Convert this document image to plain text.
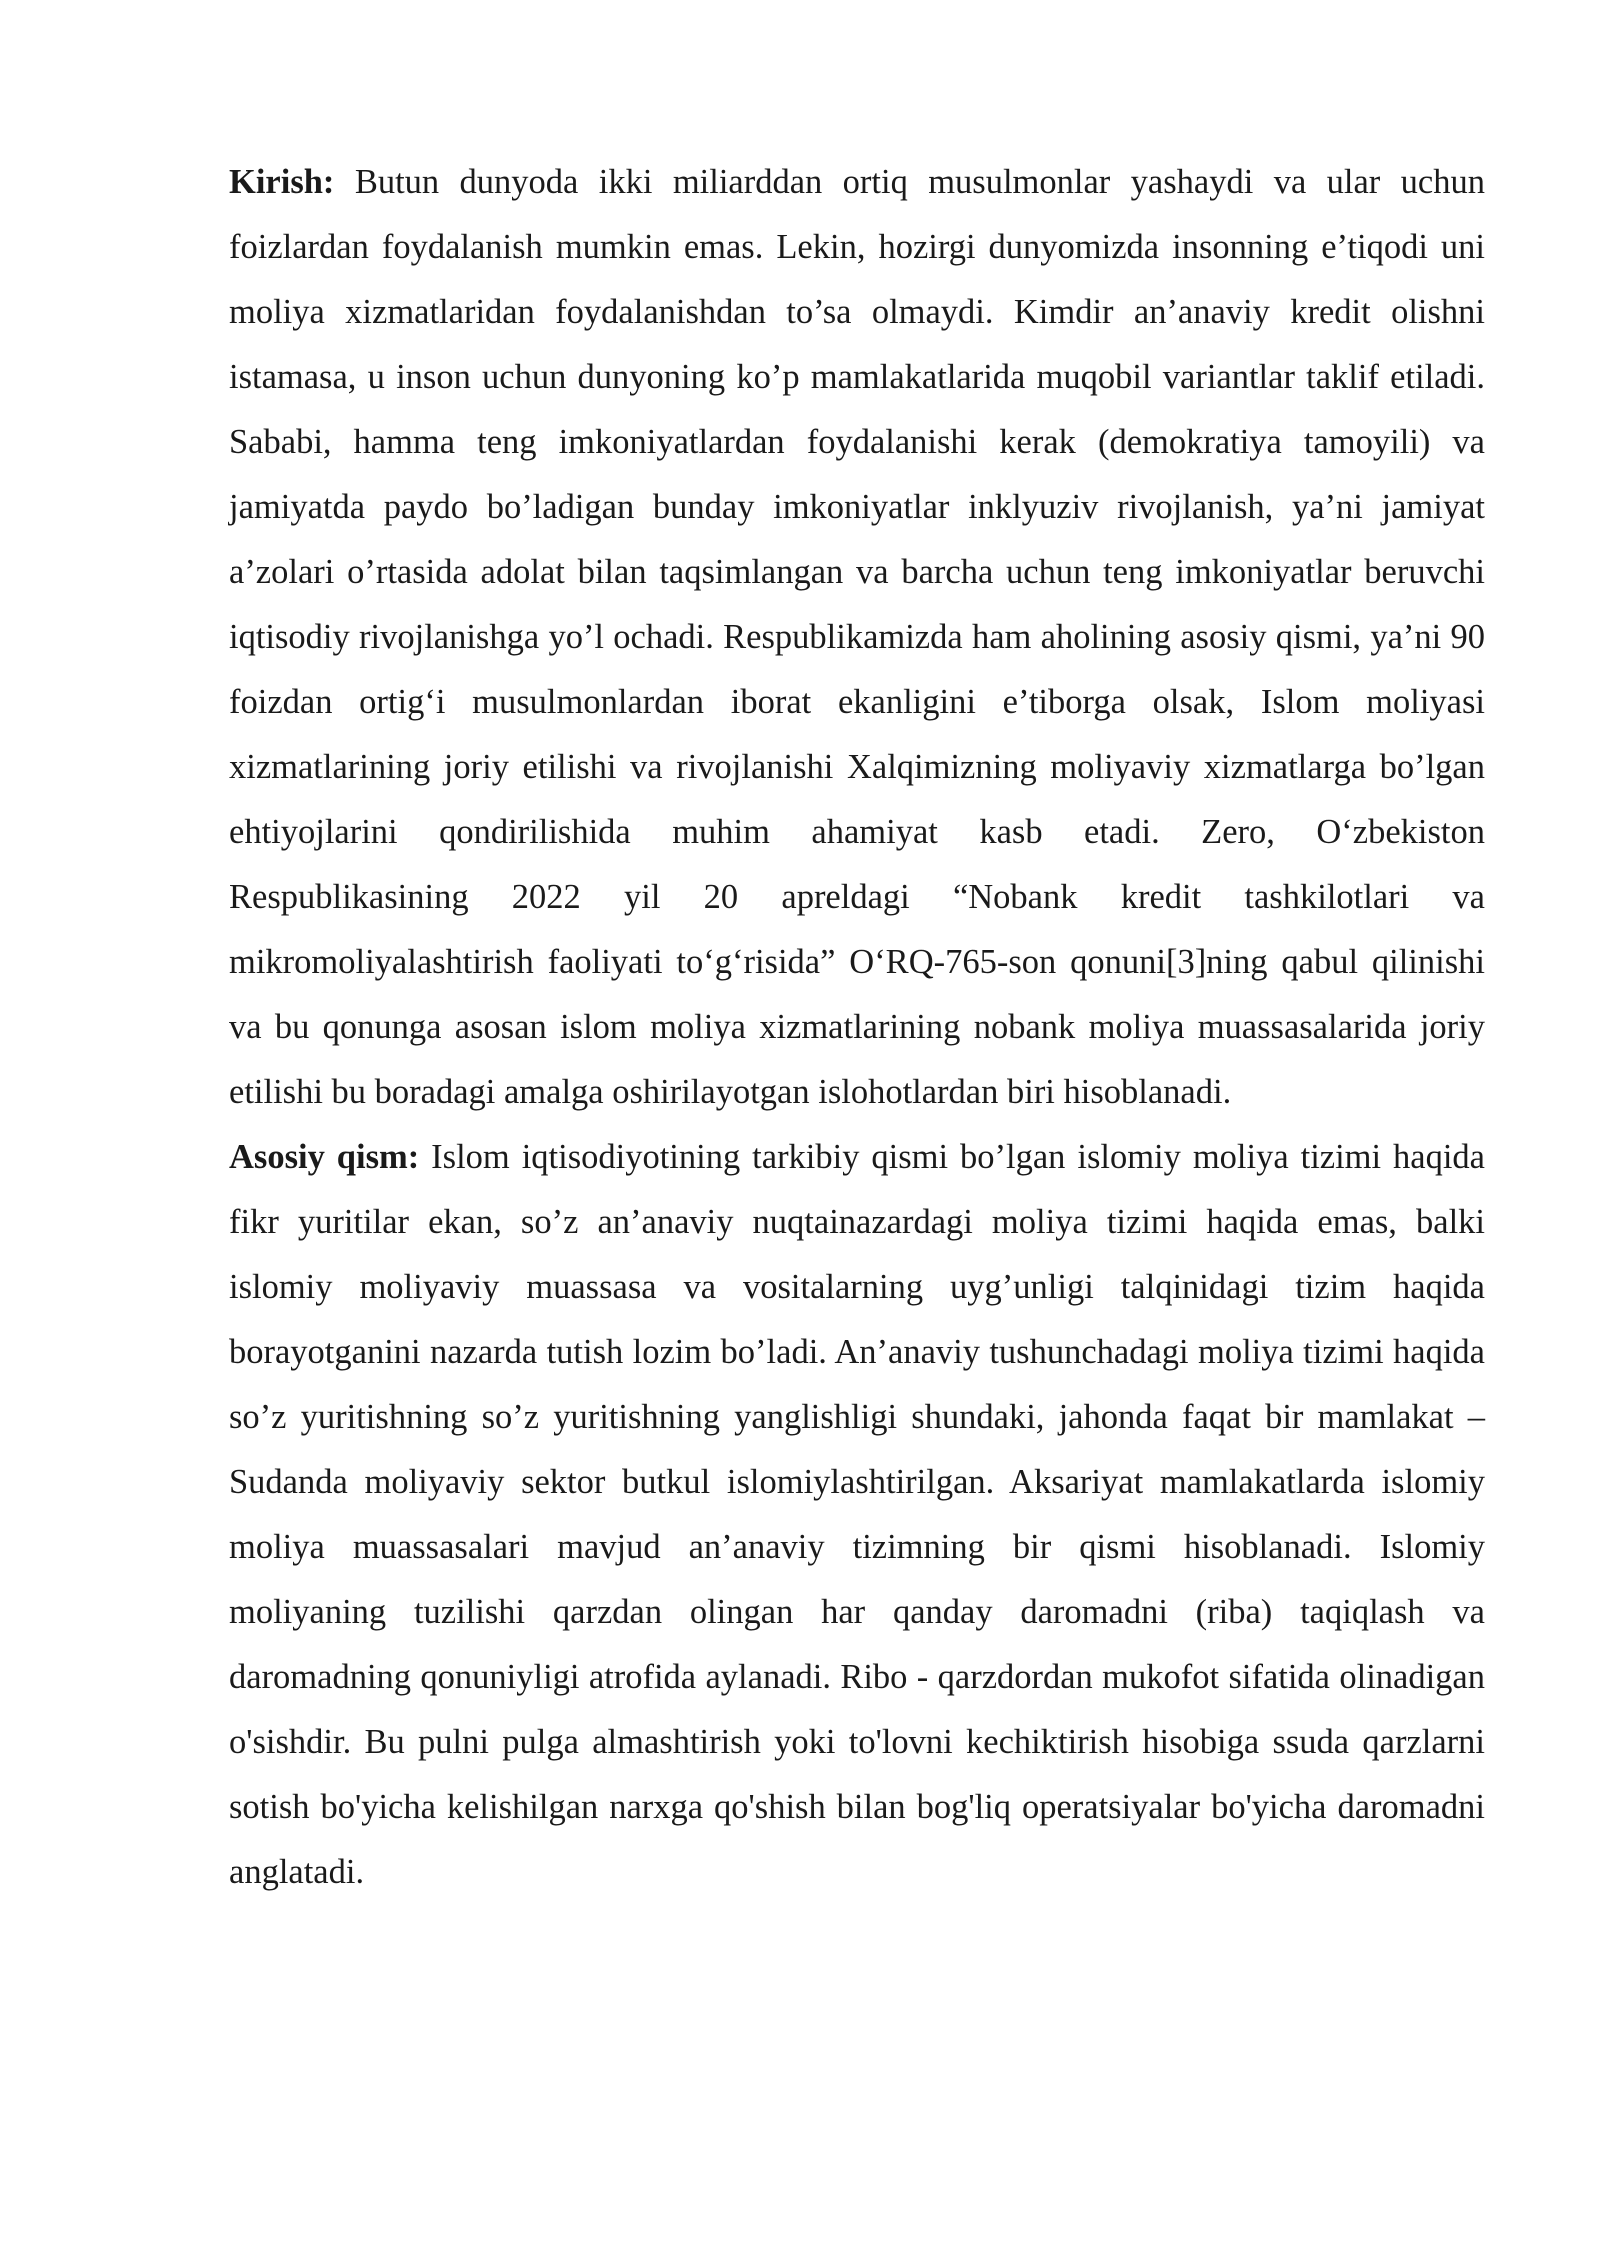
Kirish: Butun dunyoda ikki miliarddan ortiq musulmonlar yashaydi va ular uchun foizlardan foydalanish mumkin emas. Lekin, hozirgi dunyomizda insonning e’tiqodi uni moliya xizmatlaridan foydalanishdan to’sa olmaydi. Kimdir an’anaviy kredit olishni istamasa, u inson uchun dunyoning ko’p mamlakatlarida muqobil variantlar taklif etiladi. Sababi, hamma teng imkoniyatlardan foydalanishi kerak (demokratiya tamoyili) va jamiyatda paydo bo’ladigan bunday imkoniyatlar inklyuziv rivojlanish, ya’ni jamiyat a’zolari o’rtasida adolat bilan taqsimlangan va barcha uchun teng imkoniyatlar beruvchi iqtisodiy rivojlanishga yo’l ochadi. Respublikamizda ham aholining asosiy qismi, ya’ni 90 foizdan ortig‘i musulmonlardan iborat ekanligini e’tiborga olsak, Islom moliyasi xizmatlarining joriy etilishi va rivojlanishi Xalqimizning moliyaviy xizmatlarga bo’lgan ehtiyojlarini qondirilishida muhim ahamiyat kasb etadi. Zero, O‘zbekiston Respublikasining 2022 yil 20 apreldagi “Nobank kredit tashkilotlari va mikromoliyalashtirish faoliyati to‘g‘risida” O‘RQ-765-son qonuni[3]ning qabul qilinishi va bu qonunga asosan islom moliya xizmatlarining nobank moliya muassasalarida joriy etilishi bu boradagi amalga oshirilayotgan islohotlardan biri hisoblanadi.

Asosiy qism: Islom iqtisodiyotining tarkibiy qismi bo’lgan islomiy moliya tizimi haqida fikr yuritilar ekan, so’z an’anaviy nuqtainazardagi moliya tizimi haqida emas, balki islomiy moliyaviy muassasa va vositalarning uyg’unligi talqinidagi tizim haqida borayotganini nazarda tutish lozim bo’ladi. An’anaviy tushunchadagi moliya tizimi haqida so’z yuritishning so’z yuritishning yanglishligi shundaki, jahonda faqat bir mamlakat – Sudanda moliyaviy sektor butkul islomiylashtirilgan. Aksariyat mamlakatlarda islomiy moliya muassasalari mavjud an’anaviy tizimning bir qismi hisoblanadi. Islomiy moliyaning tuzilishi qarzdan olingan har qanday daromadni (riba) taqiqlash va daromadning qonuniyligi atrofida aylanadi. Ribo - qarzdordan mukofot sifatida olinadigan o'sishdir. Bu pulni pulga almashtirish yoki to'lovni kechiktirish hisobiga ssuda qarzlarni sotish bo'yicha kelishilgan narxga qo'shish bilan bog'liq operatsiyalar bo'yicha daromadni anglatadi.
